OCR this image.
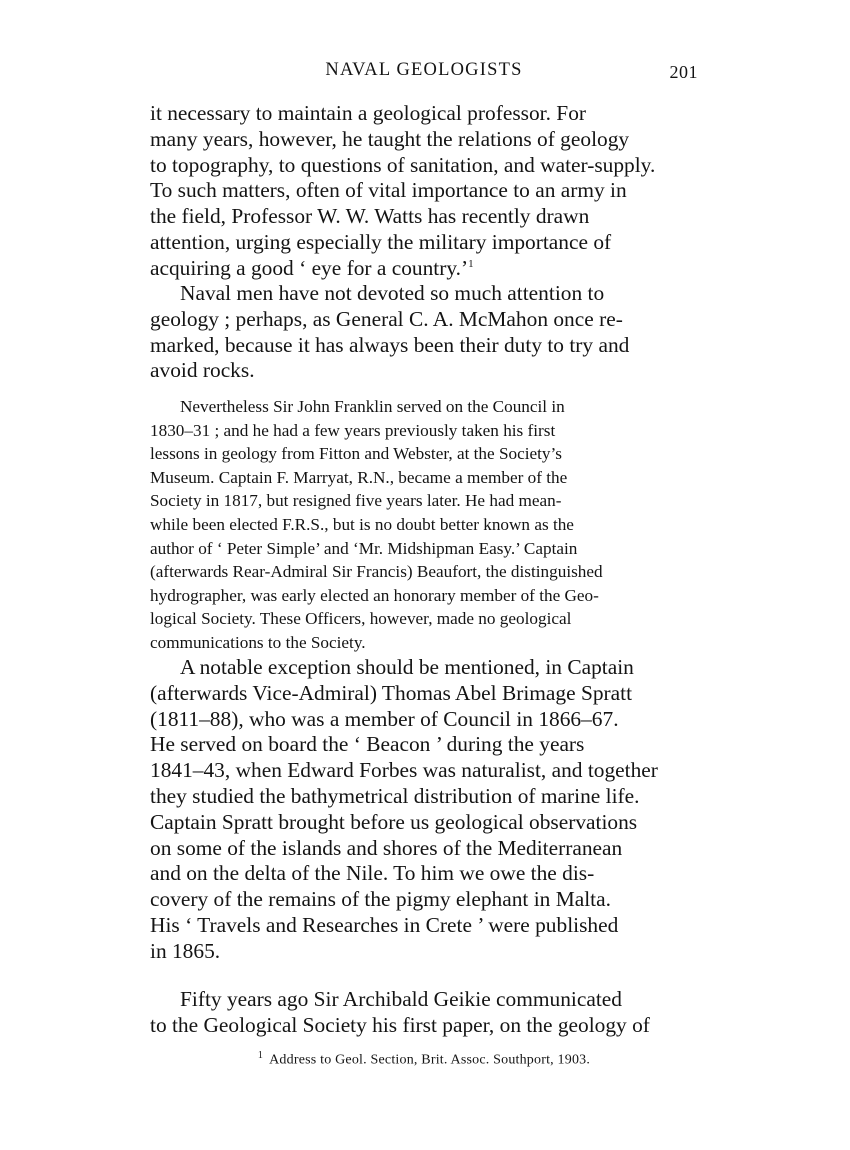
NAVAL GEOLOGISTS	201
it necessary to maintain a geological professor. For
many years, however, he taught the relations of geology
to topography, to questions of sanitation, and water-supply.
To such matters, often of vital importance to an army in
the field, Professor W. W. Watts has recently drawn
attention, urging especially the military importance of
acquiring a good ‘ eye for a country.’$^1$
Naval men have not devoted so much attention to
geology ; perhaps, as General C. A. McMahon once re-
marked, because it has always been their duty to try and
avoid rocks.
Nevertheless Sir John Franklin served on the Council in
1830–31 ; and he had a few years previously taken his first
lessons in geology from Fitton and Webster, at the Society’s
Museum. Captain F. Marryat, R.N., became a member of the
Society in 1817, but resigned five years later. He had mean-
while been elected F.R.S., but is no doubt better known as the
author of ‘ Peter Simple’ and ‘Mr. Midshipman Easy.’ Captain
(afterwards Rear-Admiral Sir Francis) Beaufort, the distinguished
hydrographer, was early elected an honorary member of the Geo-
logical Society. These Officers, however, made no geological
communications to the Society.
A notable exception should be mentioned, in Captain
(afterwards Vice-Admiral) Thomas Abel Brimage Spratt
(1811–88), who was a member of Council in 1866–67.
He served on board the ‘ Beacon ’ during the years
1841–43, when Edward Forbes was naturalist, and together
they studied the bathymetrical distribution of marine life.
Captain Spratt brought before us geological observations
on some of the islands and shores of the Mediterranean
and on the delta of the Nile. To him we owe the dis-
covery of the remains of the pigmy elephant in Malta.
His ‘ Travels and Researches in Crete ’ were published
in 1865.
Fifty years ago Sir Archibald Geikie communicated
to the Geological Society his first paper, on the geology of
$^1$ Address to Geol. Section, Brit. Assoc. Southport, 1903.
